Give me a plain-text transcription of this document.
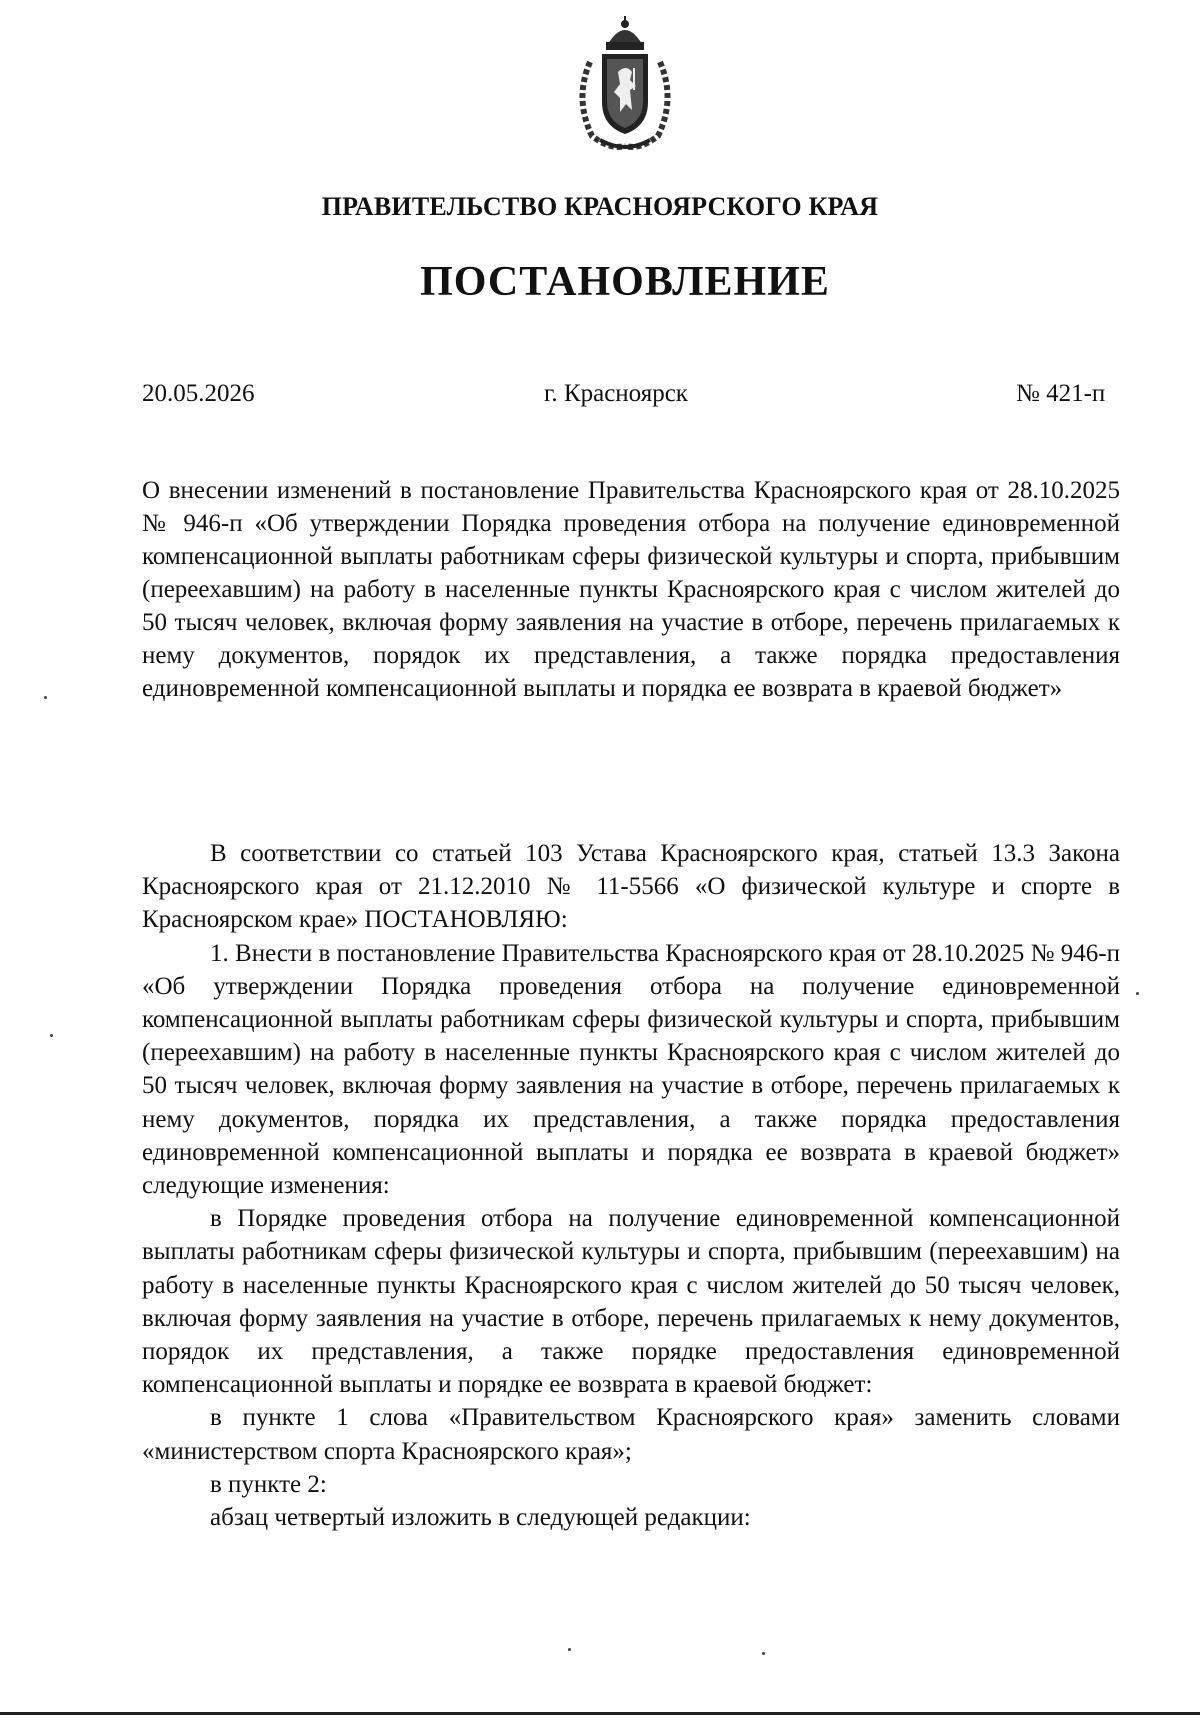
ПРАВИТЕЛЬСТВО КРАСНОЯРСКОГО КРАЯ
ПОСТАНОВЛЕНИЕ
20.05.2026	г. Красноярск	№ 421-п
О внесении изменений в постановление Правительства Красноярского края от 28.10.2025 № 946-п «Об утверждении Порядка проведения отбора на получение единовременной компенсационной выплаты работникам сферы физической культуры и спорта, прибывшим (переехавшим) на работу в населенные пункты Красноярского края с числом жителей до 50 тысяч человек, включая форму заявления на участие в отборе, перечень прилагаемых к нему документов, порядок их представления, а также порядка предоставления единовременной компенсационной выплаты и порядка ее возврата в краевой бюджет»

В соответствии со статьей 103 Устава Красноярского края, статьей 13.3 Закона Красноярского края от 21.12.2010 № 11-5566 «О физической культуре и спорте в Красноярском крае» ПОСТАНОВЛЯЮ:

1. Внести в постановление Правительства Красноярского края от 28.10.2025 № 946-п «Об утверждении Порядка проведения отбора на получение единовременной компенсационной выплаты работникам сферы физической культуры и спорта, прибывшим (переехавшим) на работу в населенные пункты Красноярского края с числом жителей до 50 тысяч человек, включая форму заявления на участие в отборе, перечень прилагаемых к нему документов, порядка их представления, а также порядка предоставления единовременной компенсационной выплаты и порядка ее возврата в краевой бюджет» следующие изменения:

в Порядке проведения отбора на получение единовременной компенсационной выплаты работникам сферы физической культуры и спорта, прибывшим (переехавшим) на работу в населенные пункты Красноярского края с числом жителей до 50 тысяч человек, включая форму заявления на участие в отборе, перечень прилагаемых к нему документов, порядок их представления, а также порядке предоставления единовременной компенсационной выплаты и порядке ее возврата в краевой бюджет:

в пункте 1 слова «Правительством Красноярского края» заменить словами «министерством спорта Красноярского края»;

в пункте 2:

абзац четвертый изложить в следующей редакции:
